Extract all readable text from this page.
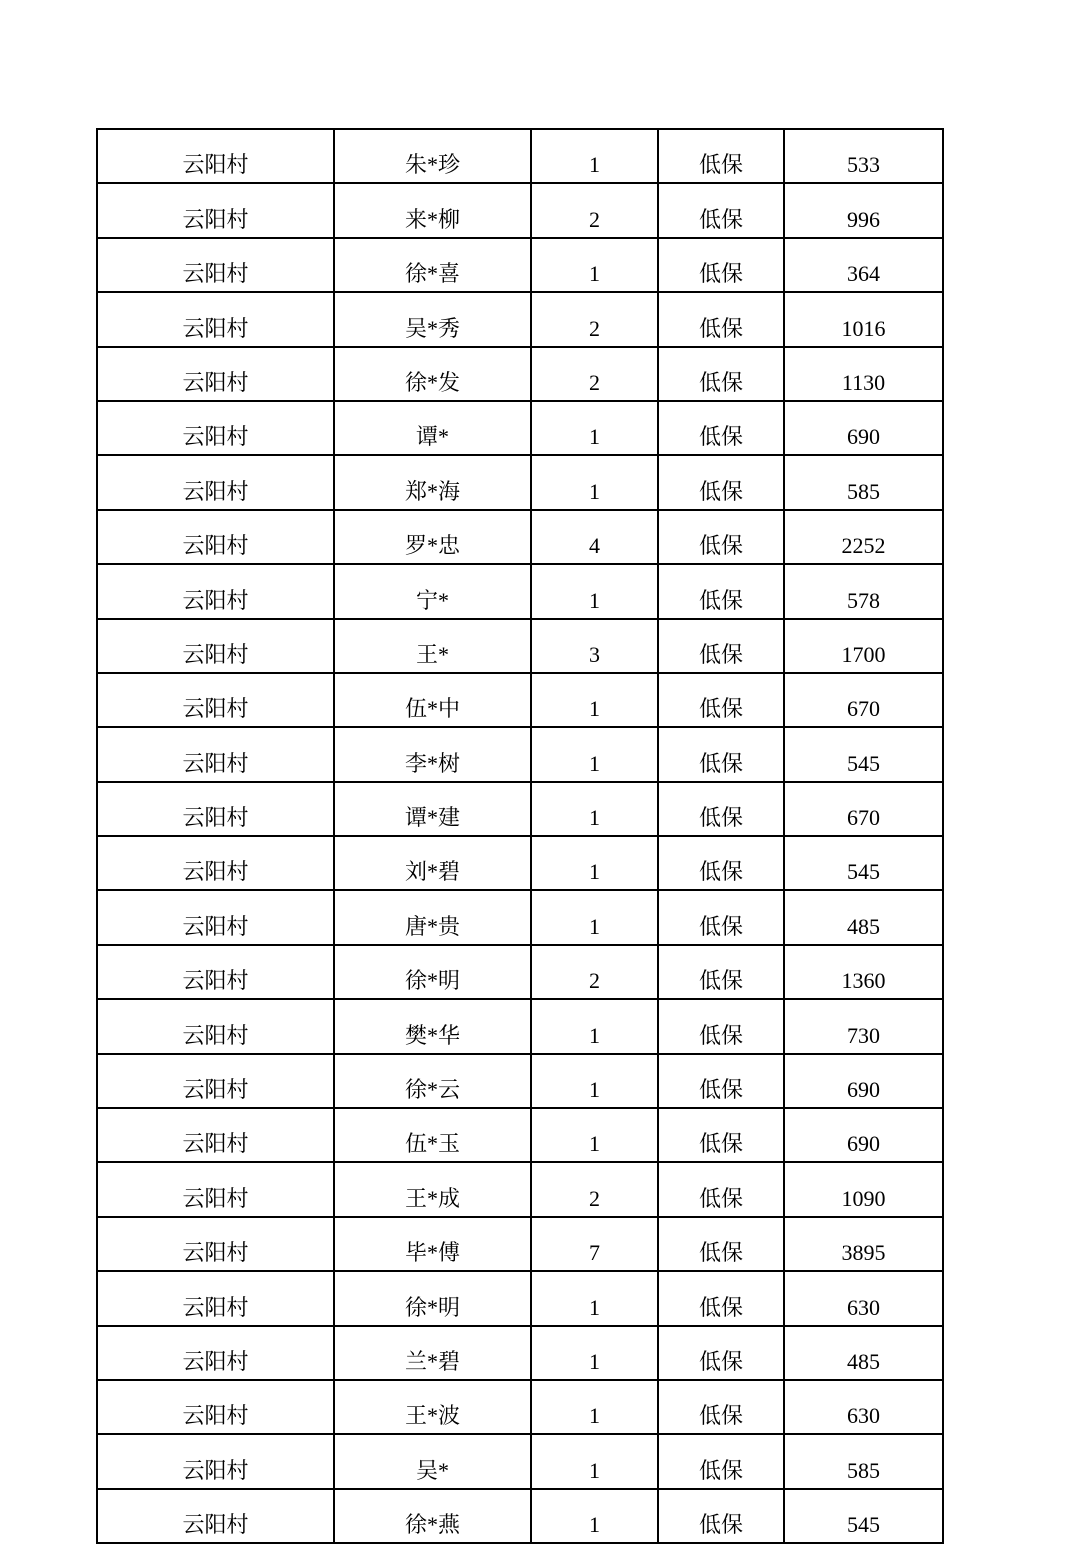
云阳村	朱*珍	1	低保	533
云阳村	来*柳	2	低保	996
云阳村	徐*喜	1	低保	364
云阳村	吴*秀	2	低保	1016
云阳村	徐*发	2	低保	1130
云阳村	谭*	1	低保	690
云阳村	郑*海	1	低保	585
云阳村	罗*忠	4	低保	2252
云阳村	宁*	1	低保	578
云阳村	王*	3	低保	1700
云阳村	伍*中	1	低保	670
云阳村	李*树	1	低保	545
云阳村	谭*建	1	低保	670
云阳村	刘*碧	1	低保	545
云阳村	唐*贵	1	低保	485
云阳村	徐*明	2	低保	1360
云阳村	樊*华	1	低保	730
云阳村	徐*云	1	低保	690
云阳村	伍*玉	1	低保	690
云阳村	王*成	2	低保	1090
云阳村	毕*傅	7	低保	3895
云阳村	徐*明	1	低保	630
云阳村	兰*碧	1	低保	485
云阳村	王*波	1	低保	630
云阳村	吴*	1	低保	585
云阳村	徐*燕	1	低保	545
